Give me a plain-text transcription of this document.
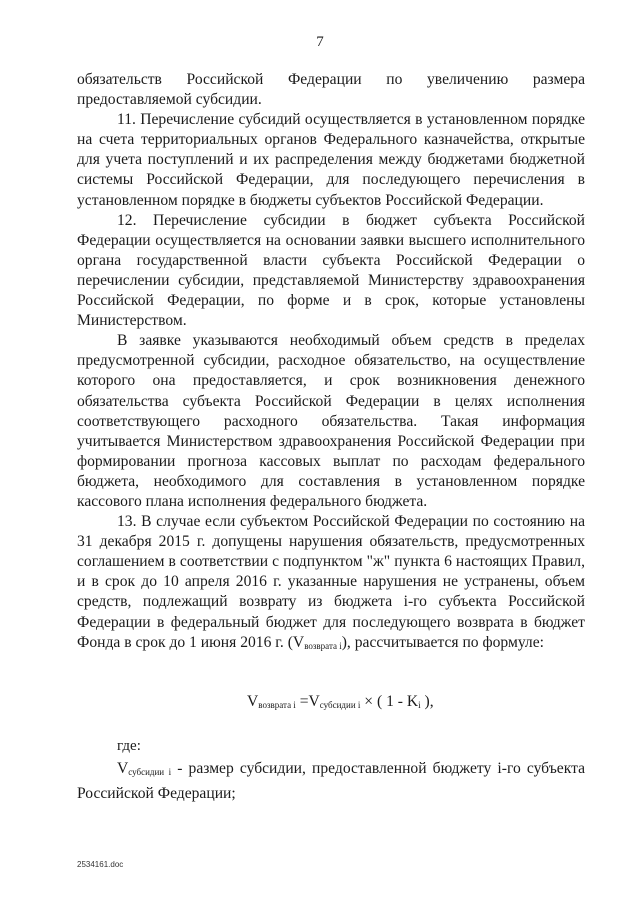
7

обязательств Российской Федерации по увеличению размера предоставляемой субсидии.

11. Перечисление субсидий осуществляется в установленном порядке на счета территориальных органов Федерального казначейства, открытые для учета поступлений и их распределения между бюджетами бюджетной системы Российской Федерации, для последующего перечисления в установленном порядке в бюджеты субъектов Российской Федерации.

12. Перечисление субсидии в бюджет субъекта Российской Федерации осуществляется на основании заявки высшего исполнительного органа государственной власти субъекта Российской Федерации о перечислении субсидии, представляемой Министерству здравоохранения Российской Федерации, по форме и в срок, которые установлены Министерством.

В заявке указываются необходимый объем средств в пределах предусмотренной субсидии, расходное обязательство, на осуществление которого она предоставляется, и срок возникновения денежного обязательства субъекта Российской Федерации в целях исполнения соответствующего расходного обязательства. Такая информация учитывается Министерством здравоохранения Российской Федерации при формировании прогноза кассовых выплат по расходам федерального бюджета, необходимого для составления в установленном порядке кассового плана исполнения федерального бюджета.

13. В случае если субъектом Российской Федерации по состоянию на 31 декабря 2015 г. допущены нарушения обязательств, предусмотренных соглашением в соответствии с подпунктом "ж" пункта 6 настоящих Правил, и в срок до 10 апреля 2016 г. указанные нарушения не устранены, объем средств, подлежащий возврату из бюджета i-го субъекта Российской Федерации в федеральный бюджет для последующего возврата в бюджет Фонда в срок до 1 июня 2016 г. $(V_{возврата i})$, рассчитывается по формуле:

$V_{возврата i} =V_{субсидии i}$ × ( $1 - K_i$ ),
где:

$V_{субсидии i}$ - размер субсидии, предоставленной бюджету i-го субъекта Российской Федерации;

2534161.doc
